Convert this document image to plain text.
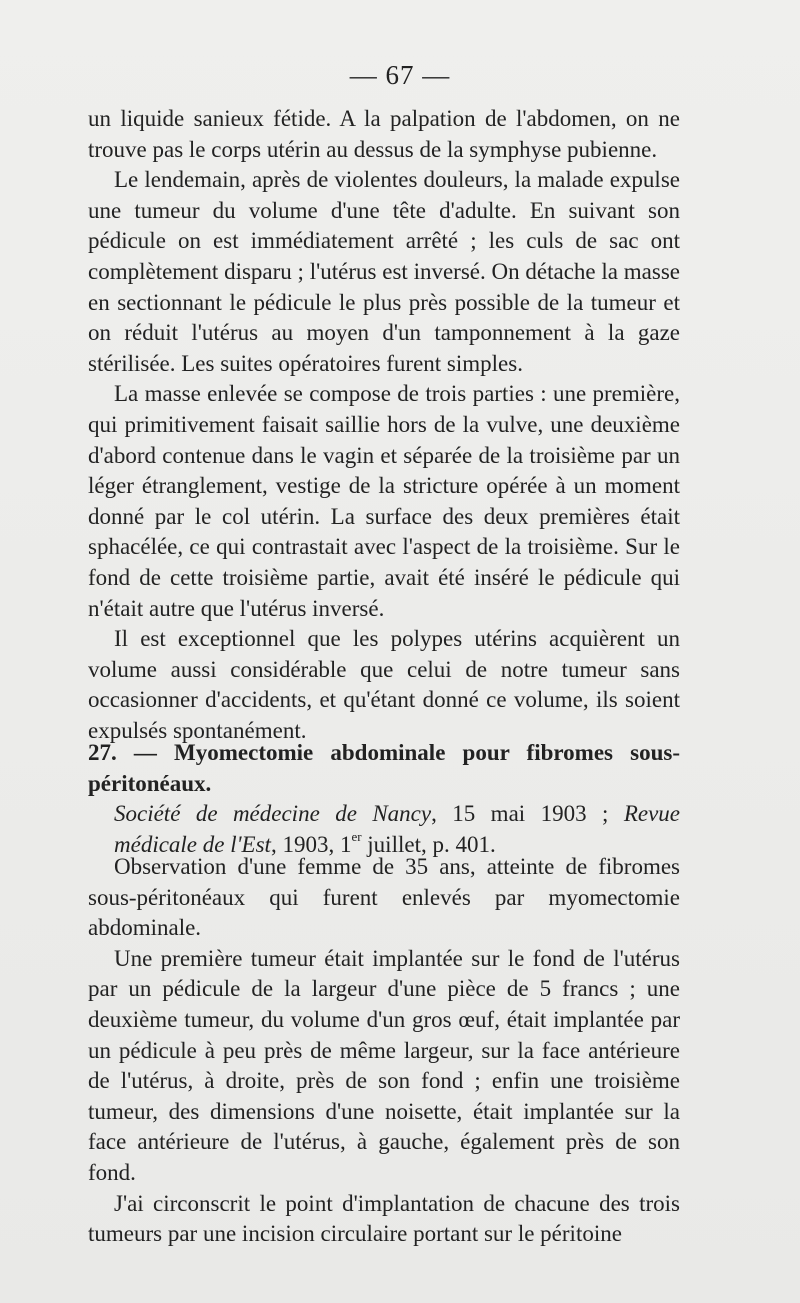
— 67 —

un liquide sanieux fétide. A la palpation de l'abdomen, on ne trouve pas le corps utérin au dessus de la symphyse pubienne.

Le lendemain, après de violentes douleurs, la malade expulse une tumeur du volume d'une tête d'adulte. En suivant son pédicule on est immédiatement arrêté ; les culs de sac ont complètement disparu ; l'utérus est inversé. On détache la masse en sectionnant le pédicule le plus près possible de la tumeur et on réduit l'utérus au moyen d'un tamponnement à la gaze stérilisée. Les suites opératoires furent simples.

La masse enlevée se compose de trois parties : une première, qui primitivement faisait saillie hors de la vulve, une deuxième d'abord contenue dans le vagin et séparée de la troisième par un léger étranglement, vestige de la stricture opérée à un moment donné par le col utérin. La surface des deux premières était sphacélée, ce qui contrastait avec l'aspect de la troisième. Sur le fond de cette troisième partie, avait été inséré le pédicule qui n'était autre que l'utérus inversé.

Il est exceptionnel que les polypes utérins acquièrent un volume aussi considérable que celui de notre tumeur sans occasionner d'accidents, et qu'étant donné ce volume, ils soient expulsés spontanément.

27. — Myomectomie abdominale pour fibromes sous-péritonéaux.

Société de médecine de Nancy, 15 mai 1903 ; Revue médicale de l'Est, 1903, 1er juillet, p. 401.

Observation d'une femme de 35 ans, atteinte de fibromes sous-péritonéaux qui furent enlevés par myomectomie abdominale.

Une première tumeur était implantée sur le fond de l'utérus par un pédicule de la largeur d'une pièce de 5 francs ; une deuxième tumeur, du volume d'un gros œuf, était implantée par un pédicule à peu près de même largeur, sur la face antérieure de l'utérus, à droite, près de son fond ; enfin une troisième tumeur, des dimensions d'une noisette, était implantée sur la face antérieure de l'utérus, à gauche, également près de son fond.

J'ai circonscrit le point d'implantation de chacune des trois tumeurs par une incision circulaire portant sur le péritoine
